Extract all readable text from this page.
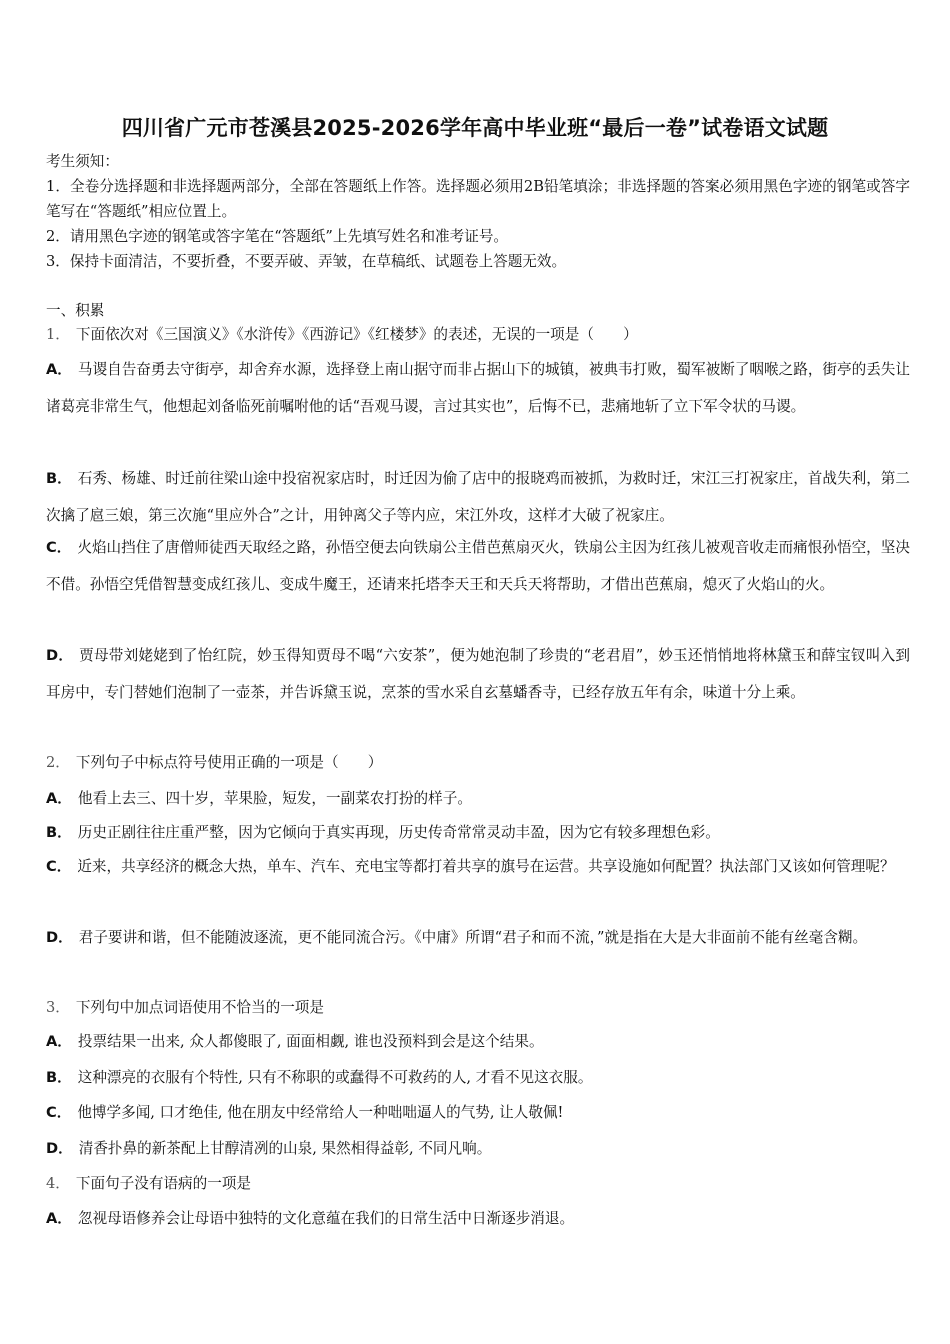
四川省广元市苍溪县2025-2026学年高中毕业班“最后一卷”试卷语文试题
考生须知：
1．全卷分选择题和非选择题两部分，全部在答题纸上作答。选择题必须用2B铅笔填涂；非选择题的答案必须用黑色字迹的钢笔或答字笔写在“答题纸”相应位置上。
2．请用黑色字迹的钢笔或答字笔在“答题纸”上先填写姓名和准考证号。
3．保持卡面清洁，不要折叠，不要弄破、弄皱，在草稿纸、试题卷上答题无效。
一、积累
1． 下面依次对《三国演义》《水浒传》《西游记》《红楼梦》的表述，无误的一项是（　　）
A． 马谡自告奋勇去守街亭，却舍弃水源，选择登上南山据守而非占据山下的城镇，被典韦打败，蜀军被断了咽喉之路，街亭的丢失让诸葛亮非常生气，他想起刘备临死前嘱咐他的话“吾观马谡，言过其实也”，后悔不已，悲痛地斩了立下军令状的马谡。
B． 石秀、杨雄、时迁前往梁山途中投宿祝家店时，时迁因为偷了店中的报晓鸡而被抓，为救时迁，宋江三打祝家庄，首战失利，第二次擒了扈三娘，第三次施“里应外合”之计，用钟离父子等内应，宋江外攻，这样才大破了祝家庄。
C． 火焰山挡住了唐僧师徒西天取经之路，孙悟空便去向铁扇公主借芭蕉扇灭火，铁扇公主因为红孩儿被观音收走而痛恨孙悟空，坚决不借。孙悟空凭借智慧变成红孩儿、变成牛魔王，还请来托塔李天王和天兵天将帮助，才借出芭蕉扇，熄灭了火焰山的火。
D． 贾母带刘姥姥到了怡红院，妙玉得知贾母不喝“六安茶”，便为她泡制了珍贵的“老君眉”，妙玉还悄悄地将林黛玉和薛宝钗叫入到耳房中，专门替她们泡制了一壶茶，并告诉黛玉说，烹茶的雪水采自玄墓蟠香寺，已经存放五年有余，味道十分上乘。
2． 下列句子中标点符号使用正确的一项是（　　）
A． 他看上去三、四十岁，苹果脸，短发，一副菜农打扮的样子。
B． 历史正剧往往庄重严整，因为它倾向于真实再现，历史传奇常常灵动丰盈，因为它有较多理想色彩。
C． 近来，共享经济的概念大热，单车、汽车、充电宝等都打着共享的旗号在运营。共享设施如何配置？执法部门又该如何管理呢？
D． 君子要讲和谐，但不能随波逐流，更不能同流合污。《中庸》所谓“君子和而不流，”就是指在大是大非面前不能有丝毫含糊。
3． 下列句中加点词语使用不恰当的一项是
A． 投票结果一出来, 众人都傻眼了, 面面相觑, 谁也没预料到会是这个结果。
B． 这种漂亮的衣服有个特性, 只有不称职的或蠢得不可救药的人, 才看不见这衣服。
C． 他博学多闻, 口才绝佳, 他在朋友中经常给人一种咄咄逼人的气势, 让人敬佩!
D． 清香扑鼻的新茶配上甘醇清冽的山泉, 果然相得益彰, 不同凡响。
4． 下面句子没有语病的一项是
A． 忽视母语修养会让母语中独特的文化意蕴在我们的日常生活中日渐逐步消退。
